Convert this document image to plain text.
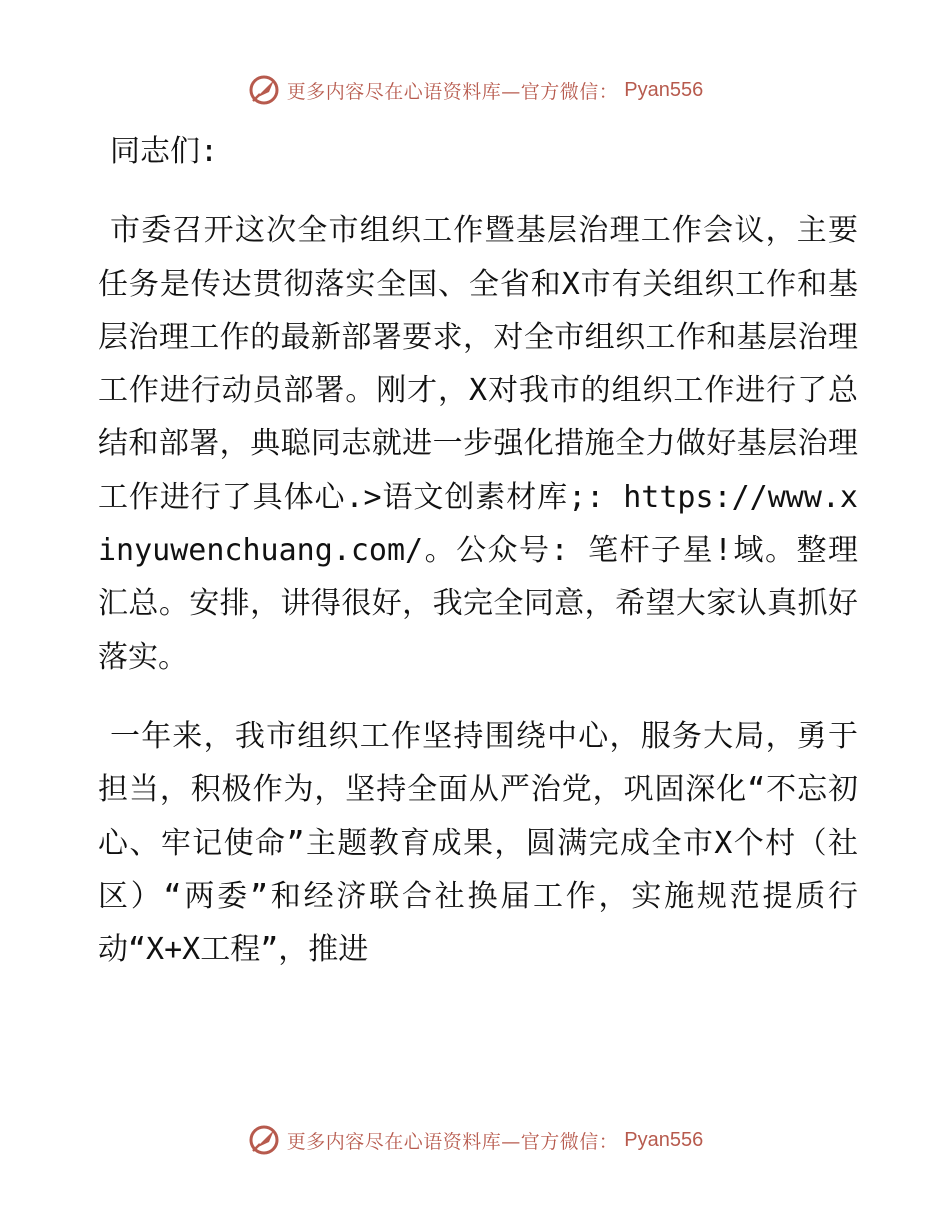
更多内容尽在心语资料库—官方微信： Pyan556

同志们:

市委召开这次全市组织工作暨基层治理工作会议，主要任务是传达贯彻落实全国、全省和X市有关组织工作和基层治理工作的最新部署要求，对全市组织工作和基层治理工作进行动员部署。刚才，X对我市的组织工作进行了总结和部署，典聪同志就进一步强化措施全力做好基层治理工作进行了具体心.>语文创素材库;: https://www.xinyuwenchuang.com/。公众号: 笔杆子星!域。整理汇总。安排，讲得很好，我完全同意，希望大家认真抓好落实。

一年来，我市组织工作坚持围绕中心，服务大局，勇于担当，积极作为，坚持全面从严治党，巩固深化“不忘初心、牢记使命”主题教育成果，圆满完成全市X个村（社区）“两委”和经济联合社换届工作，实施规范提质行动“X+X工程”，推进

更多内容尽在心语资料库—官方微信： Pyan556
